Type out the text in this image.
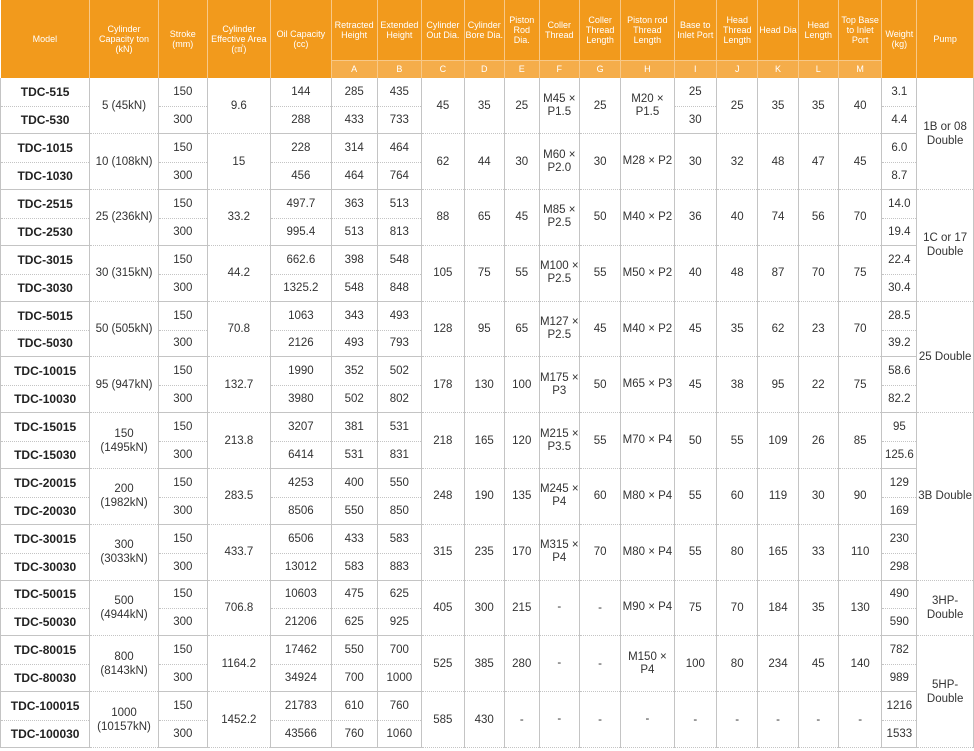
Model	Cylinder Capacity ton (kN)	Stroke (mm)	Cylinder Effective Area (㎠)	Oil Capacity (cc)	Retracted Height	Extended Height	Cylinder Out Dia.	Cylinder Bore Dia.	Piston Rod Dia.	Coller Thread	Coller Thread Length	Piston rod Thread Length	Base to Inlet Port	Head Thread Length	Head Dia	Head Length	Top Base to Inlet Port	Weight (kg)	Pump
					A	B	C	D	E	F	G	H	I	J	K	L	M		
TDC-515	5 (45kN)	150	9.6	144	285	435	45	35	25	M45 × P1.5	25	M20 × P1.5	25	25	35	35	40	3.1	1B or 08 Double
TDC-530		300		288	433	733							30					4.4	
TDC-1015	10 (108kN)	150	15	228	314	464	62	44	30	M60 × P2.0	30	M28 × P2	30	32	48	47	45	6.0	
TDC-1030		300		456	464	764												8.7	
TDC-2515	25 (236kN)	150	33.2	497.7	363	513	88	65	45	M85 × P2.5	50	M40 × P2	36	40	74	56	70	14.0	1C or 17 Double
TDC-2530		300		995.4	513	813												19.4	
TDC-3015	30 (315kN)	150	44.2	662.6	398	548	105	75	55	M100 × P2.5	55	M50 × P2	40	48	87	70	75	22.4	
TDC-3030		300		1325.2	548	848												30.4	
TDC-5015	50 (505kN)	150	70.8	1063	343	493	128	95	65	M127 × P2.5	45	M40 × P2	45	35	62	23	70	28.5	25 Double
TDC-5030		300		2126	493	793												39.2	
TDC-10015	95 (947kN)	150	132.7	1990	352	502	178	130	100	M175 × P3	50	M65 × P3	45	38	95	22	75	58.6	
TDC-10030		300		3980	502	802												82.2	
TDC-15015	150 (1495kN)	150	213.8	3207	381	531	218	165	120	M215 × P3.5	55	M70 × P4	50	55	109	26	85	95	3B Double
TDC-15030		300		6414	531	831												125.6	
TDC-20015	200 (1982kN)	150	283.5	4253	400	550	248	190	135	M245 × P4	60	M80 × P4	55	60	119	30	90	129	
TDC-20030		300		8506	550	850												169	
TDC-30015	300 (3033kN)	150	433.7	6506	433	583	315	235	170	M315 × P4	70	M80 × P4	55	80	165	33	110	230	
TDC-30030		300		13012	583	883												298	
TDC-50015	500 (4944kN)	150	706.8	10603	475	625	405	300	215	-	-	M90 × P4	75	70	184	35	130	490	3HP- Double
TDC-50030		300		21206	625	925												590	
TDC-80015	800 (8143kN)	150	1164.2	17462	550	700	525	385	280	-	-	M150 × P4	100	80	234	45	140	782	5HP- Double
TDC-80030		300		34924	700	1000												989	
TDC-100015	1000 (10157kN)	150	1452.2	21783	610	760	585	430	-	-	-	-	-	-	-	-	-	1216	
TDC-100030		300		43566	760	1060												1533	
